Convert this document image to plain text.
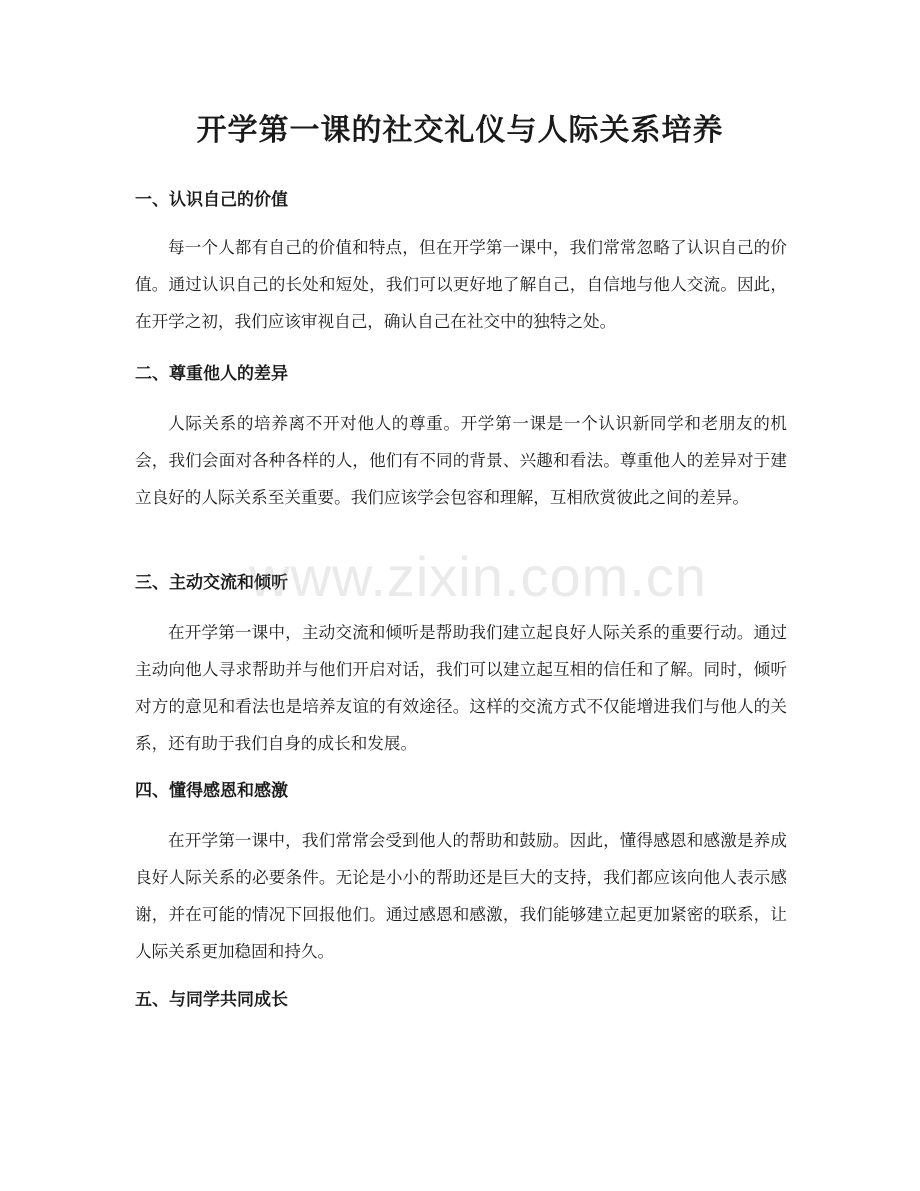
开学第一课的社交礼仪与人际关系培养
一、认识自己的价值

每一个人都有自己的价值和特点，但在开学第一课中，我们常常忽略了认识自己的价值。通过认识自己的长处和短处，我们可以更好地了解自己，自信地与他人交流。因此，在开学之初，我们应该审视自己，确认自己在社交中的独特之处。

二、尊重他人的差异

人际关系的培养离不开对他人的尊重。开学第一课是一个认识新同学和老朋友的机会，我们会面对各种各样的人，他们有不同的背景、兴趣和看法。尊重他人的差异对于建立良好的人际关系至关重要。我们应该学会包容和理解，互相欣赏彼此之间的差异。

三、主动交流和倾听

在开学第一课中，主动交流和倾听是帮助我们建立起良好人际关系的重要行动。通过主动向他人寻求帮助并与他们开启对话，我们可以建立起互相的信任和了解。同时，倾听对方的意见和看法也是培养友谊的有效途径。这样的交流方式不仅能增进我们与他人的关系，还有助于我们自身的成长和发展。

四、懂得感恩和感激

在开学第一课中，我们常常会受到他人的帮助和鼓励。因此，懂得感恩和感激是养成良好人际关系的必要条件。无论是小小的帮助还是巨大的支持，我们都应该向他人表示感谢，并在可能的情况下回报他们。通过感恩和感激，我们能够建立起更加紧密的联系，让人际关系更加稳固和持久。

五、与同学共同成长
www.zixin.com.cn
